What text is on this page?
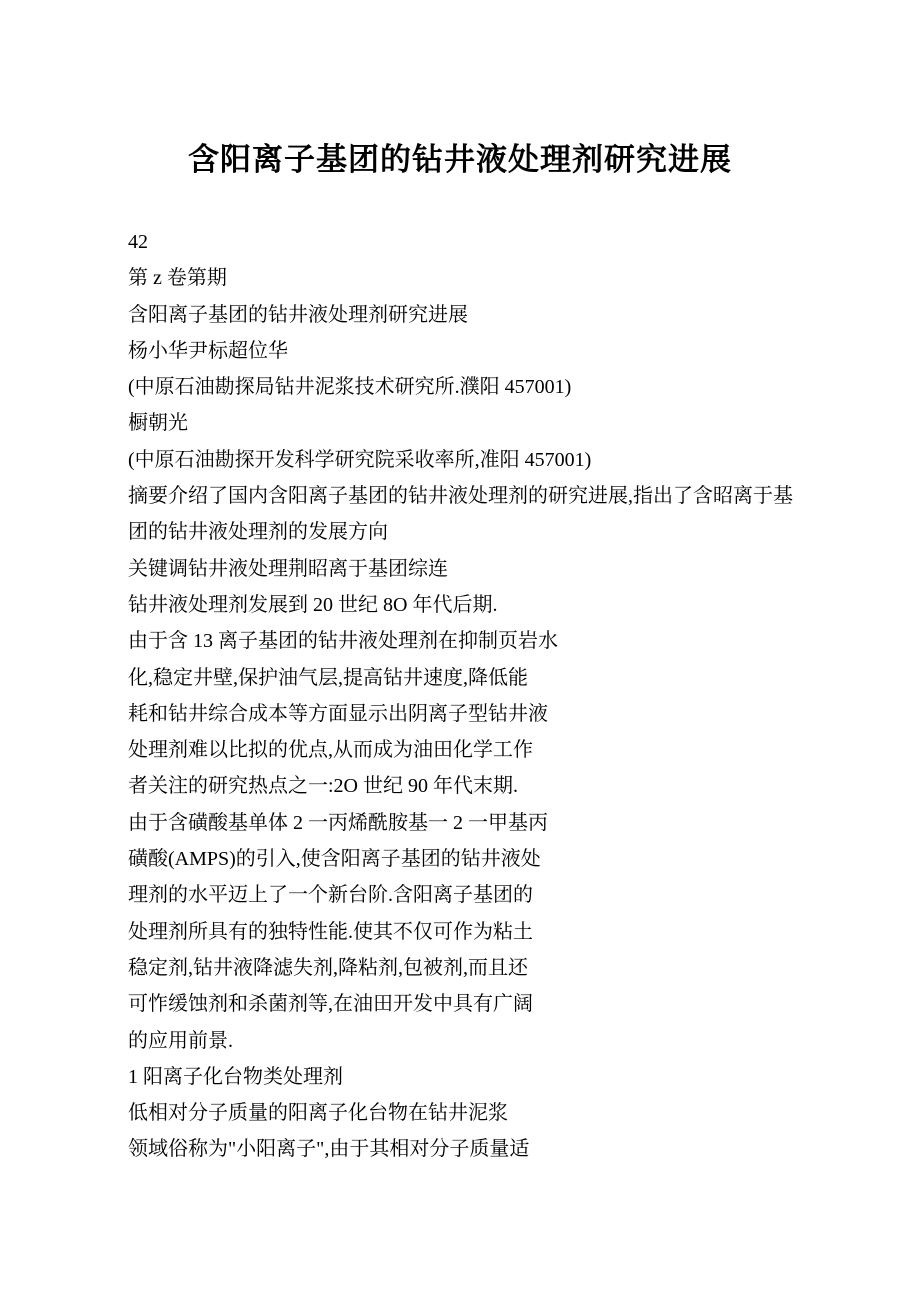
含阳离子基团的钻井液处理剂研究进展
42
第 z 卷第期
含阳离子基团的钻井液处理剂研究进展
杨小华尹标超位华
(中原石油勘探局钻井泥浆技术研究所.濮阳 457001)
橱朝光
(中原石油勘探开发科学研究院采收率所,准阳 457001)
摘要介绍了国内含阳离子基团的钻井液处理剂的研究进展,指出了含昭离于基
团的钻井液处理剂的发展方向
关键调钻井液处理荆昭离于基团综连
钻井液处理剂发展到 20 世纪 8O 年代后期.
由于含 13 离子基团的钻井液处理剂在抑制页岩水
化,稳定井壁,保护油气层,提高钻井速度,降低能
耗和钻井综合成本等方面显示出阴离子型钻井液
处理剂难以比拟的优点,从而成为油田化学工作
者关注的研究热点之一:2O 世纪 90 年代末期.
由于含磺酸基单体 2 一丙烯酰胺基一 2 一甲基丙
磺酸(AMPS)的引入,使含阳离子基团的钻井液处
理剂的水平迈上了一个新台阶.含阳离子基团的
处理剂所具有的独特性能.使其不仅可作为粘土
稳定剂,钻井液降滤失剂,降粘剂,包被剂,而且还
可怍缓蚀剂和杀菌剂等,在油田开发中具有广阔
的应用前景.
1 阳离子化台物类处理剂
低相对分子质量的阳离子化台物在钻井泥浆
领域俗称为"小阳离子",由于其相对分子质量适
